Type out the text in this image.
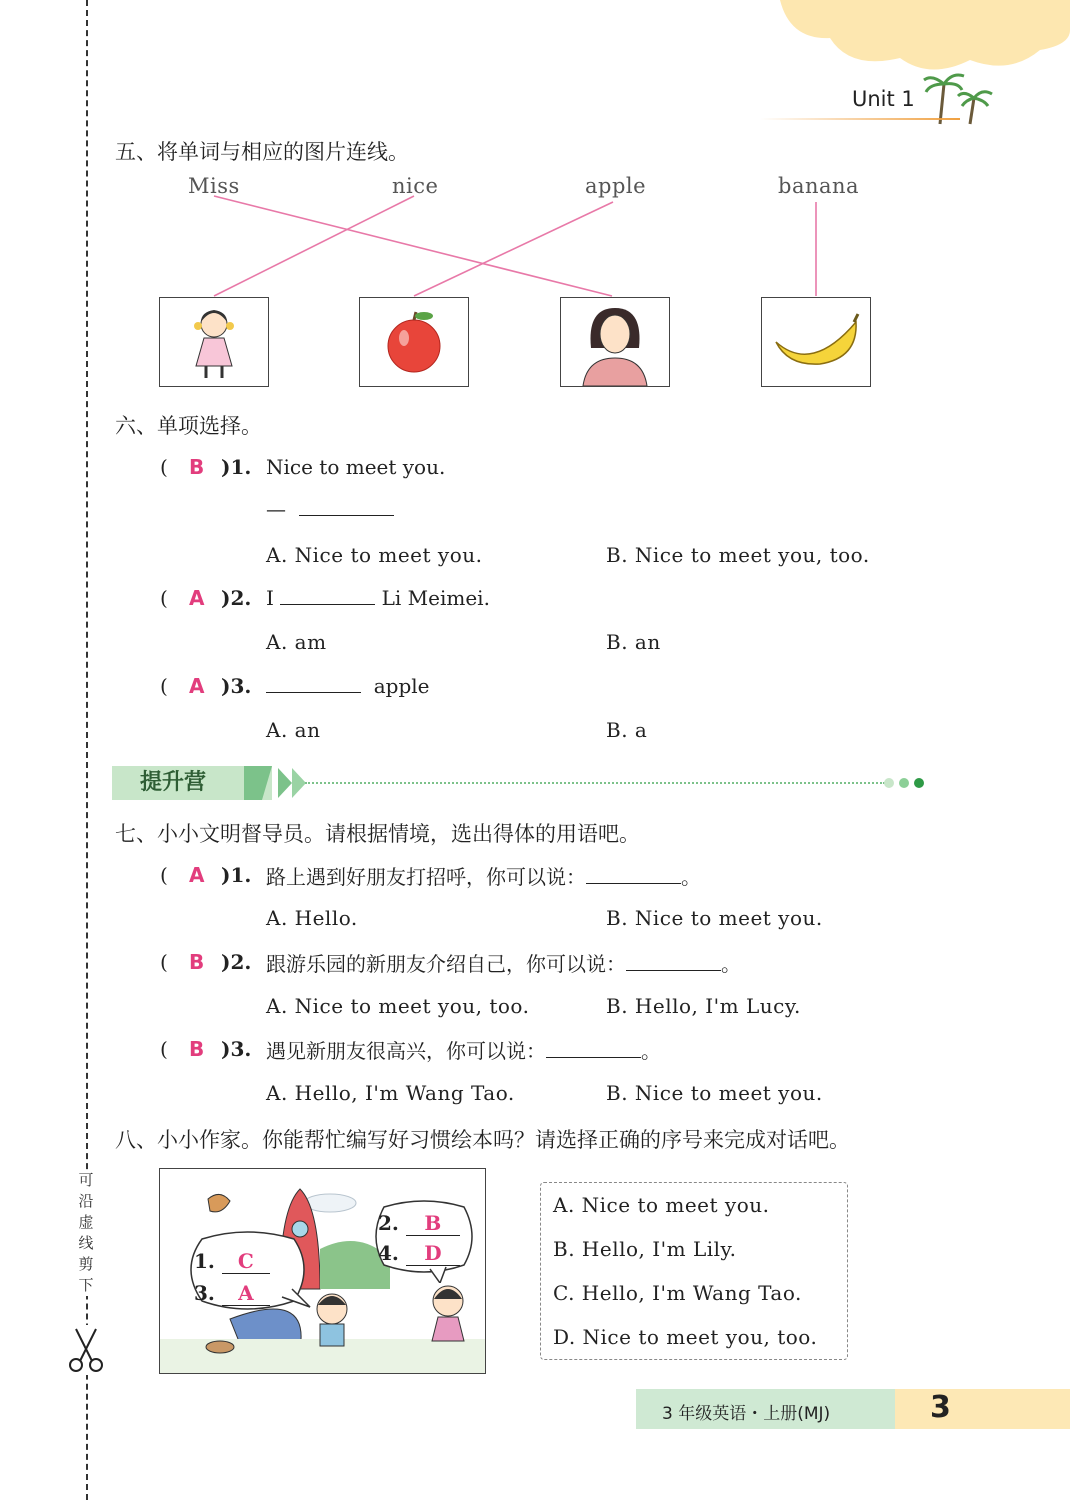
Unit 1
可
沿
虚
线
剪
下
五、将单词与相应的图片连线。
Miss	nice	apple	banana
六、单项选择。
( B )1. Nice to meet you.
—
A. Nice to meet you.	B. Nice to meet you, too.
( A )2. I	Li Meimei.
A. am	B. an
( A )3.	apple
A. an	B. a
提升营
七、小小文明督导员。请根据情境，选出得体的用语吧。
( A )1. 路上遇到好朋友打招呼，你可以说：	。
A. Hello.	B. Nice to meet you.
( B )2. 跟游乐园的新朋友介绍自己，你可以说：	。
A. Nice to meet you, too.	B. Hello, I'm Lucy.
( B )3. 遇见新朋友很高兴，你可以说：	。
A. Hello, I'm Wang Tao.	B. Nice to meet you.
八、小小作家。你能帮忙编写好习惯绘本吗？请选择正确的序号来完成对话吧。
1. C
3. A
2. B
4. D
A. Nice to meet you.
B. Hello, I'm Lily.
C. Hello, I'm Wang Tao.
D. Nice to meet you, too.
3 年级英语・上册(MJ)	3
